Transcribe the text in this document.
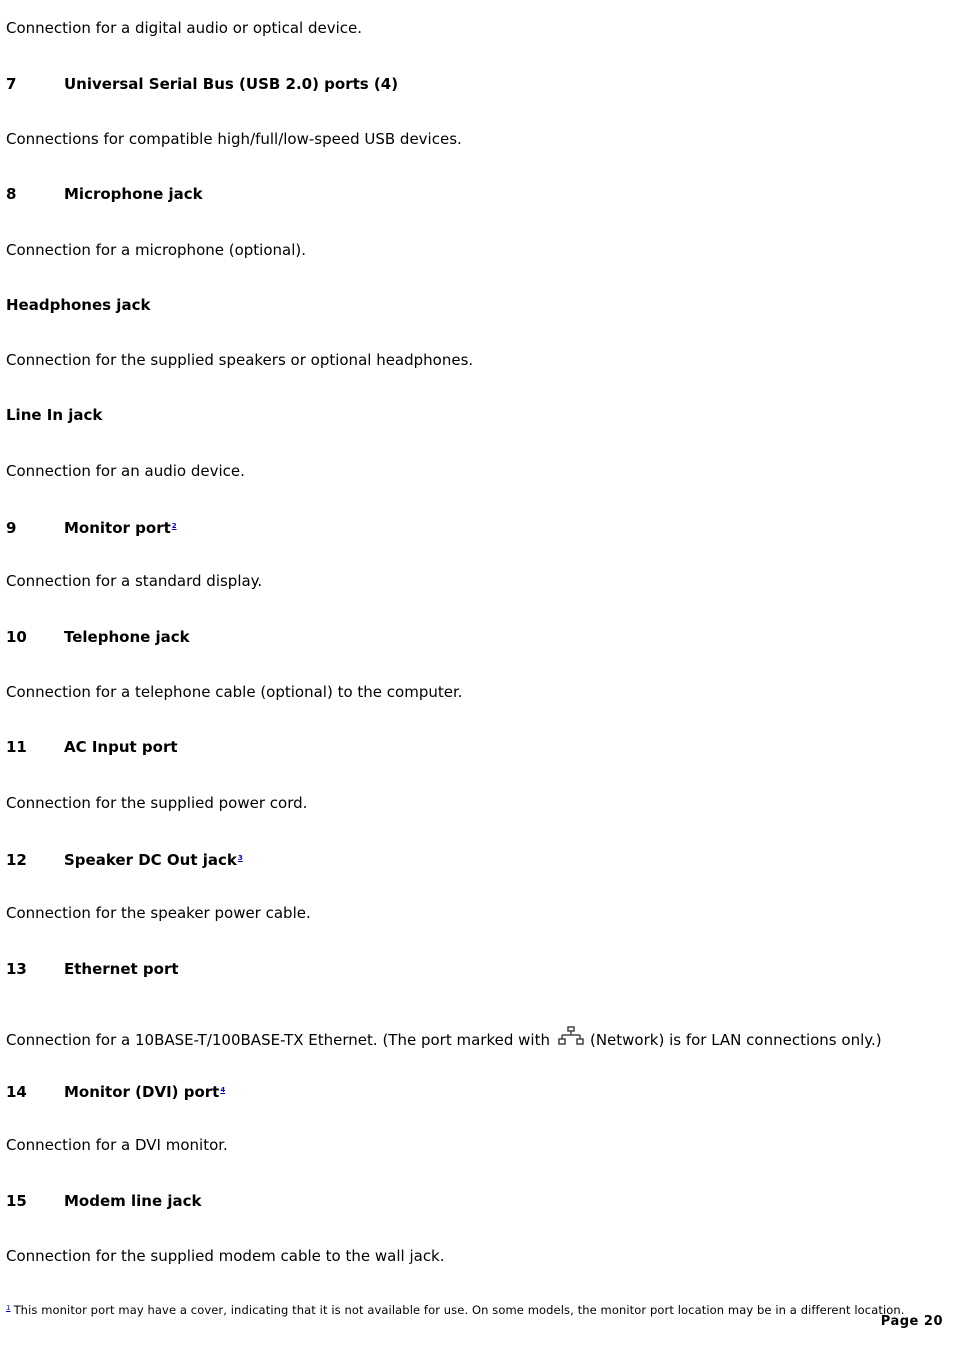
Connection for a digital audio or optical device.
7	Universal Serial Bus (USB 2.0) ports (4)
Connections for compatible high/full/low-speed USB devices.
8	Microphone jack
Connection for a microphone (optional).
Headphones jack
Connection for the supplied speakers or optional headphones.
Line In jack
Connection for an audio device.
9	Monitor port$^2$
Connection for a standard display.
10 Telephone jack
Connection for a telephone cable (optional) to the computer.
11 AC Input port
Connection for the supplied power cord.
12 Speaker DC Out jack$^3$
Connection for the speaker power cable.
13 Ethernet port
Connection for a 10BASE-T/100BASE-TX Ethernet. (The port marked with	(Network) is for LAN connections only.)
14 Monitor (DVI) port$^4$
Connection for a DVI monitor.
15 Modem line jack
Connection for the supplied modem cable to the wall jack.
$^1$ This monitor port may have a cover, indicating that it is not available for use. On some models, the monitor port location may be in a different location.
Page 20
